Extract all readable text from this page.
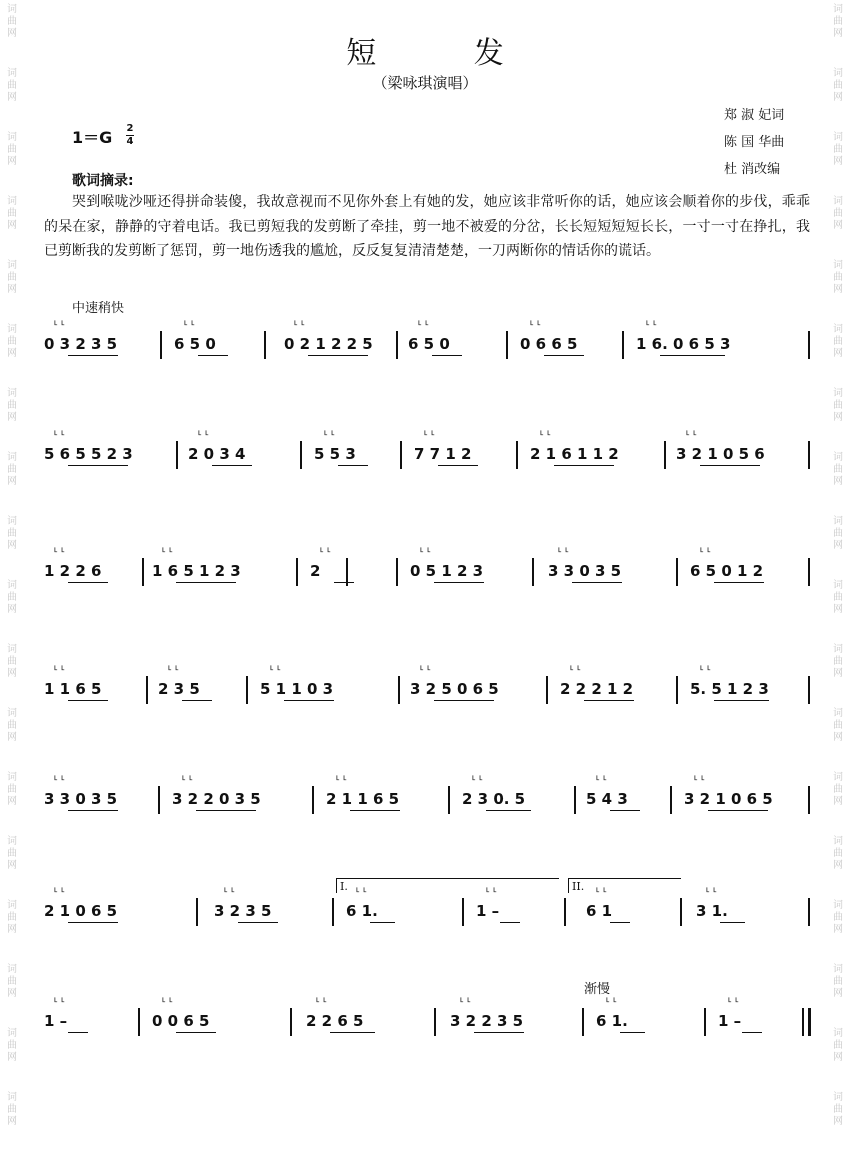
词
曲
网
词
曲
网
词
曲
网
词
曲
网
词
曲
网
词
曲
网
词
曲
网
词
曲
网
词
曲
网
词
曲
网
词
曲
网
词
曲
网
词
曲
网
词
曲
网
词
曲
网
词
曲
网
词
曲
网
词
曲
网
词
曲
网
词
曲
网
词
曲
网
词
曲
网
词
曲
网
词
曲
网
词
曲
网
词
曲
网
词
曲
网
词
曲
网
词
曲
网
词
曲
网
词
曲
网
词
曲
网
词
曲
网
词
曲
网
词
曲
网
词
曲
网
短 发
（梁咏琪演唱）
郑 淑 妃词
陈 国 华曲
杜 消改编
1＝G 2
4
歌词摘录:
哭到喉咙沙哑还得拼命装傻，我故意视而不见你外套上有她的发，她应该非常听你的话，她应该会顺着你的步伐，乖乖的呆在家，静静的守着电话。我已剪短我的发剪断了牵挂，剪一地不被爱的分岔，长长短短短短长长，一寸一寸在挣扎，我已剪断我的发剪断了惩罚，剪一地伤透我的尴尬，反反复复清清楚楚，一刀两断你的情话你的谎话。
中速稍快
渐慢
I.	II.
0 3 2 3 5
˪ ˪
6 5 0
˪ ˪
0 2 1 2 2 5
˪ ˪
6 5 0
˪ ˪
0 6 6 5
˪ ˪
1 6. 0 6 5 3
˪ ˪
5 6 5 5 2 3
˪ ˪
2 0 3 4
˪ ˪
5 5 3
˪ ˪
7 7 1 2
˪ ˪
2 1 6 1 1 2
˪ ˪
3 2 1 0 5 6
˪ ˪
1 2 2 6
˪ ˪
1 6 5 1 2 3
˪ ˪
2
˪ ˪
0 5 1 2 3
˪ ˪
3 3 0 3 5
˪ ˪
6 5 0 1 2
˪ ˪
1 1 6 5
˪ ˪
2 3 5
˪ ˪
5 1 1 0 3
˪ ˪
3 2 5 0 6 5
˪ ˪
2 2 2 1 2
˪ ˪
5. 5 1 2 3
˪ ˪
3 3 0 3 5
˪ ˪
3 2 2 0 3 5
˪ ˪
2 1 1 6 5
˪ ˪
2 3 0. 5
˪ ˪
5 4 3
˪ ˪
3 2 1 0 6 5
˪ ˪
2 1 0 6 5
˪ ˪
3 2 3 5
˪ ˪
6 1.
˪ ˪
1 –
˪ ˪
6 1
˪ ˪
3 1.
˪ ˪
1 –
˪ ˪
0 0 6 5
˪ ˪
2 2 6 5
˪ ˪
3 2 2 3 5
˪ ˪
6 1.
˪ ˪
1 –
˪ ˪
